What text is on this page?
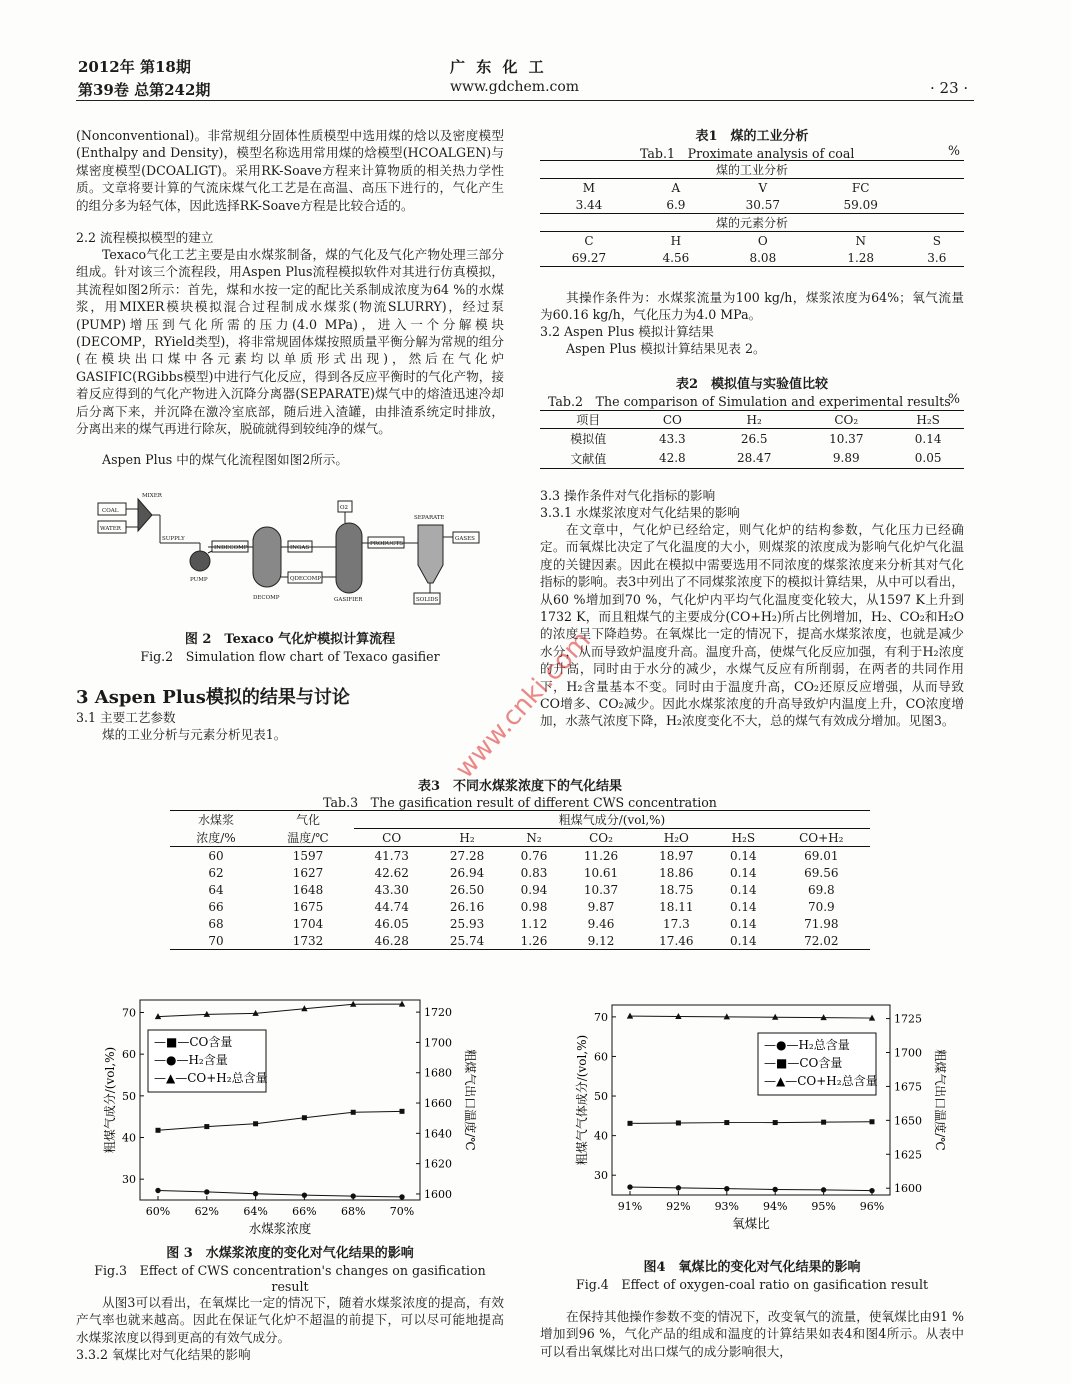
2012年 第18期
第39卷 总第242期
广 东 化 工
www.gdchem.com	· 23 ·
(Nonconventional)。非常规组分固体性质模型中选用煤的焓以及密度模型(Enthalpy and Density)，模型名称选用常用煤的焓模型(HCOALGEN)与煤密度模型(DCOALIGT)。采用RK-Soave方程来计算物质的相关热力学性质。文章将要计算的气流床煤气化工艺是在高温、高压下进行的，气化产生的组分多为轻气体，因此选择RK-Soave方程是比较合适的。
2.2 流程模拟模型的建立
Texaco气化工艺主要是由水煤浆制备，煤的气化及气化产物处理三部分组成。针对该三个流程段，用Aspen Plus流程模拟软件对其进行仿真模拟，其流程如图2所示：首先，煤和水按一定的配比关系制成浓度为64 %的水煤浆，用MIXER模块模拟混合过程制成水煤浆(物流SLURRY)，经过泵(PUMP)增压到气化所需的压力(4.0 MPa)，进入一个分解模块(DECOMP，RYield类型)，将非常规固体煤按照质量平衡分解为常规的组分(在模块出口煤中各元素均以单质形式出现)，然后在气化炉GASIFIC(RGibbs模型)中进行气化反应，得到各反应平衡时的气化产物，接着反应得到的气化产物进入沉降分离器(SEPARATE)煤气中的熔渣迅速冷却后分离下来，并沉降在激冷室底部，随后进入渣罐，由排渣系统定时排放，分离出来的煤气再进行除灰，脱硫就得到较纯净的煤气。
Aspen Plus 中的煤气化流程图如图2所示。
COAL
WATER
MIXER
SUPPLY
PUMP
INDECOMP
DECOMP
INGAS
QDECOMP
O2
GASIFIER
PRODUCTS
SEPARATE
GASES
SOLIDS
图 2　Texaco 气化炉模拟计算流程
Fig.2　Simulation flow chart of Texaco gasifier
3 Aspen Plus模拟的结果与讨论
3.1 主要工艺参数
煤的工业分析与元素分析见表1。
表1　煤的工业分析
Tab.1　Proximate analysis of coal	%
煤的工业分析				
M	A	V	FC	
3.44	6.9	30.57	59.09	
煤的元素分析				
C	H	O	N	S
69.27	4.56	8.08	1.28	3.6
其操作条件为：水煤浆流量为100 kg/h，煤浆浓度为64%；氧气流量为60.16 kg/h，气化压力为4.0 MPa。
3.2 Aspen Plus 模拟计算结果
Aspen Plus 模拟计算结果见表 2。
表2　模拟值与实验值比较
Tab.2　The comparison of Simulation and experimental results
%
项目	CO	H₂	CO₂	H₂S
模拟值	43.3	26.5	10.37	0.14
文献值	42.8	28.47	9.89	0.05
3.3 操作条件对气化指标的影响
3.3.1 水煤浆浓度对气化结果的影响
在文章中，气化炉已经给定，则气化炉的结构参数，气化压力已经确定。而氧煤比决定了气化温度的大小，则煤浆的浓度成为影响气化炉气化温度的关键因素。因此在模拟中需要选用不同浓度的煤浆浓度来分析其对气化指标的影响。表3中列出了不同煤浆浓度下的模拟计算结果，从中可以看出，从60 %增加到70 %，气化炉内平均气化温度变化较大，从1597 K上升到1732 K，而且粗煤气的主要成分(CO+H₂)所占比例增加，H₂、CO₂和H₂O的浓度呈下降趋势。在氧煤比一定的情况下，提高水煤浆浓度，也就是减少水分，从而导致炉温度升高。温度升高，使煤气化反应加强，有利于H₂浓度的升高，同时由于水分的减少，水煤气反应有所削弱，在两者的共同作用下，H₂含量基本不变。同时由于温度升高，CO₂还原反应增强，从而导致CO增多、CO₂减少。因此水煤浆浓度的升高导致炉内温度上升，CO浓度增加，水蒸气浓度下降，H₂浓度变化不大，总的煤气有效成分增加。见图3。
www.cnki.com
表3　不同水煤浆浓度下的气化结果
Tab.3　The gasification result of different CWS concentration
水煤浆	气化	粗煤气成分/(vol,%)						
浓度/%	温度/℃	CO	H₂	N₂	CO₂	H₂O	H₂S	CO+H₂
60	1597	41.73	27.28	0.76	11.26	18.97	0.14	69.01
62	1627	42.62	26.94	0.83	10.61	18.86	0.14	69.56
64	1648	43.30	26.50	0.94	10.37	18.75	0.14	69.8
66	1675	44.74	26.16	0.98	9.87	18.11	0.14	70.9
68	1704	46.05	25.93	1.12	9.46	17.3	0.14	71.98
70	1732	46.28	25.74	1.26	9.12	17.46	0.14	72.02
30
40
50
60
70
1600
1620
1640
1660
1680
1700
1720
60% 62% 64% 66% 68% 70%
水煤浆浓度
粗煤气成分/(vol,%)	粗煤气出口温度/℃
—■—CO含量
—●—H₂含量
—▲—CO+H₂总含量
图 3　水煤浆浓度的变化对气化结果的影响
Fig.3　Effect of CWS concentration's changes on gasification result
30
40
50
60
70
1600
1625
1650
1675
1700
1725
91% 92% 93% 94% 95% 96%
氧煤比
粗煤气气体成分/(vol,%)	粗煤气出口温度/℃
—●—H₂总含量
—■—CO含量
—▲—CO+H₂总含量
图4　氧煤比的变化对气化结果的影响
Fig.4　Effect of oxygen-coal ratio on gasification result
从图3可以看出，在氧煤比一定的情况下，随着水煤浆浓度的提高，有效产气率也就来越高。因此在保证气化炉不超温的前提下，可以尽可能地提高水煤浆浓度以得到更高的有效气成分。
3.3.2 氧煤比对气化结果的影响
在保持其他操作参数不变的情况下，改变氧气的流量，使氧煤比由91 %增加到96 %，气化产品的组成和温度的计算结果如表4和图4所示。从表中可以看出氧煤比对出口煤气的成分影响很大，
